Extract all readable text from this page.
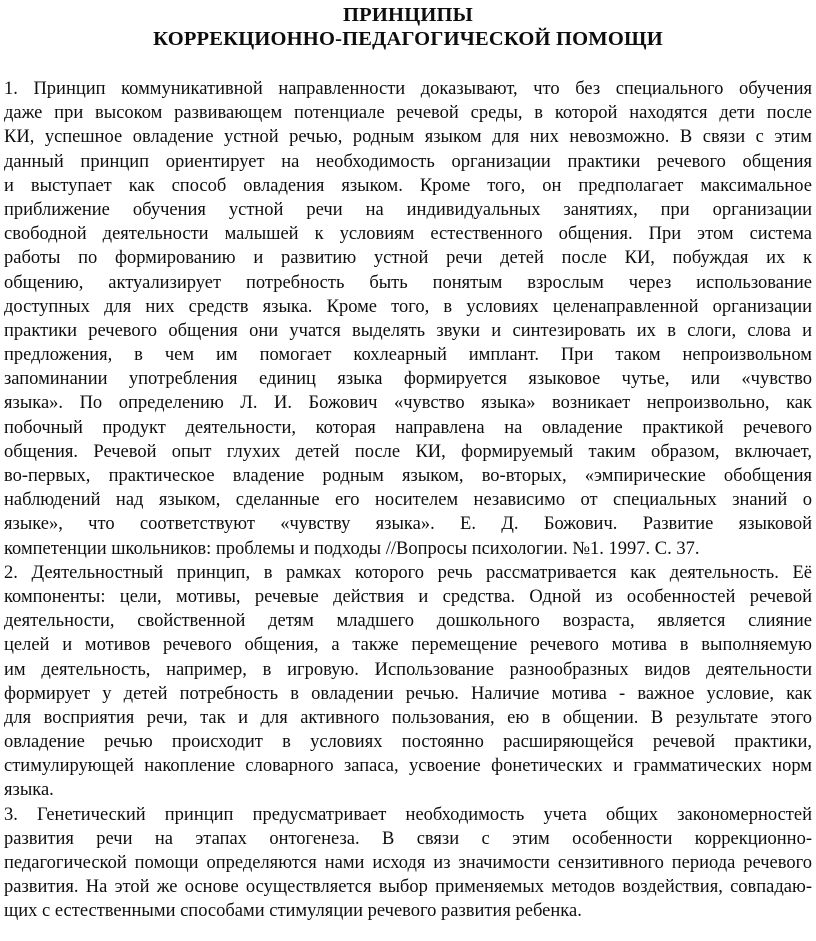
ПРИНЦИПЫ
КОРРЕКЦИОННО-ПЕДАГОГИЧЕСКОЙ ПОМОЩИ
1. Принцип коммуникативной направленности доказывают, что без специального обучения
даже при высоком развивающем потенциале речевой среды, в которой находятся дети после
КИ, успешное овладение устной речью, родным языком для них невозможно. В связи с этим
данный принцип ориентирует на необходимость организации практики речевого общения
и выступает как способ овладения языком. Кроме того, он предполагает максимальное
приближение обучения устной речи на индивидуальных занятиях, при организации
свободной деятельности малышей к условиям естественного общения. При этом система
работы по формированию и развитию устной речи детей после КИ, побуждая их к
общению, актуализирует потребность быть понятым взрослым через использование
доступных для них средств языка. Кроме того, в условиях целенаправленной организации
практики речевого общения они учатся выделять звуки и синтезировать их в слоги, слова и
предложения, в чем им помогает кохлеарный имплант. При таком непроизвольном
запоминании употребления единиц языка формируется языковое чутье, или «чувство
языка». По определению Л. И. Божович «чувство языка» возникает непроизвольно, как
побочный продукт деятельности, которая направлена на овладение практикой речевого
общения. Речевой опыт глухих детей после КИ, формируемый таким образом, включает,
во-первых, практическое владение родным языком, во-вторых, «эмпирические обобщения
наблюдений над языком, сделанные его носителем независимо от специальных знаний о
языке», что соответствуют «чувству языка». Е. Д. Божович. Развитие языковой
компетенции школьников: проблемы и подходы //Вопросы психологии. №1. 1997. С. 37.
2. Деятельностный принцип, в рамках которого речь рассматривается как деятельность. Её
компоненты: цели, мотивы, речевые действия и средства. Одной из особенностей речевой
деятельности, свойственной детям младшего дошкольного возраста, является слияние
целей и мотивов речевого общения, а также перемещение речевого мотива в выполняемую
им деятельность, например, в игровую. Использование разнообразных видов деятельности
формирует у детей потребность в овладении речью. Наличие мотива - важное условие, как
для восприятия речи, так и для активного пользования, ею в общении. В результате этого
овладение речью происходит в условиях постоянно расширяющейся речевой практики,
стимулирующей накопление словарного запаса, усвоение фонетических и грамматических норм
языка.
3. Генетический принцип предусматривает необходимость учета общих закономерностей
развития речи на этапах онтогенеза. В связи с этим особенности коррекционно-
педагогической помощи определяются нами исходя из значимости сензитивного периода речевого
развития. На этой же основе осуществляется выбор применяемых методов воздействия, совпадаю-
щих с естественными способами стимуляции речевого развития ребенка.
